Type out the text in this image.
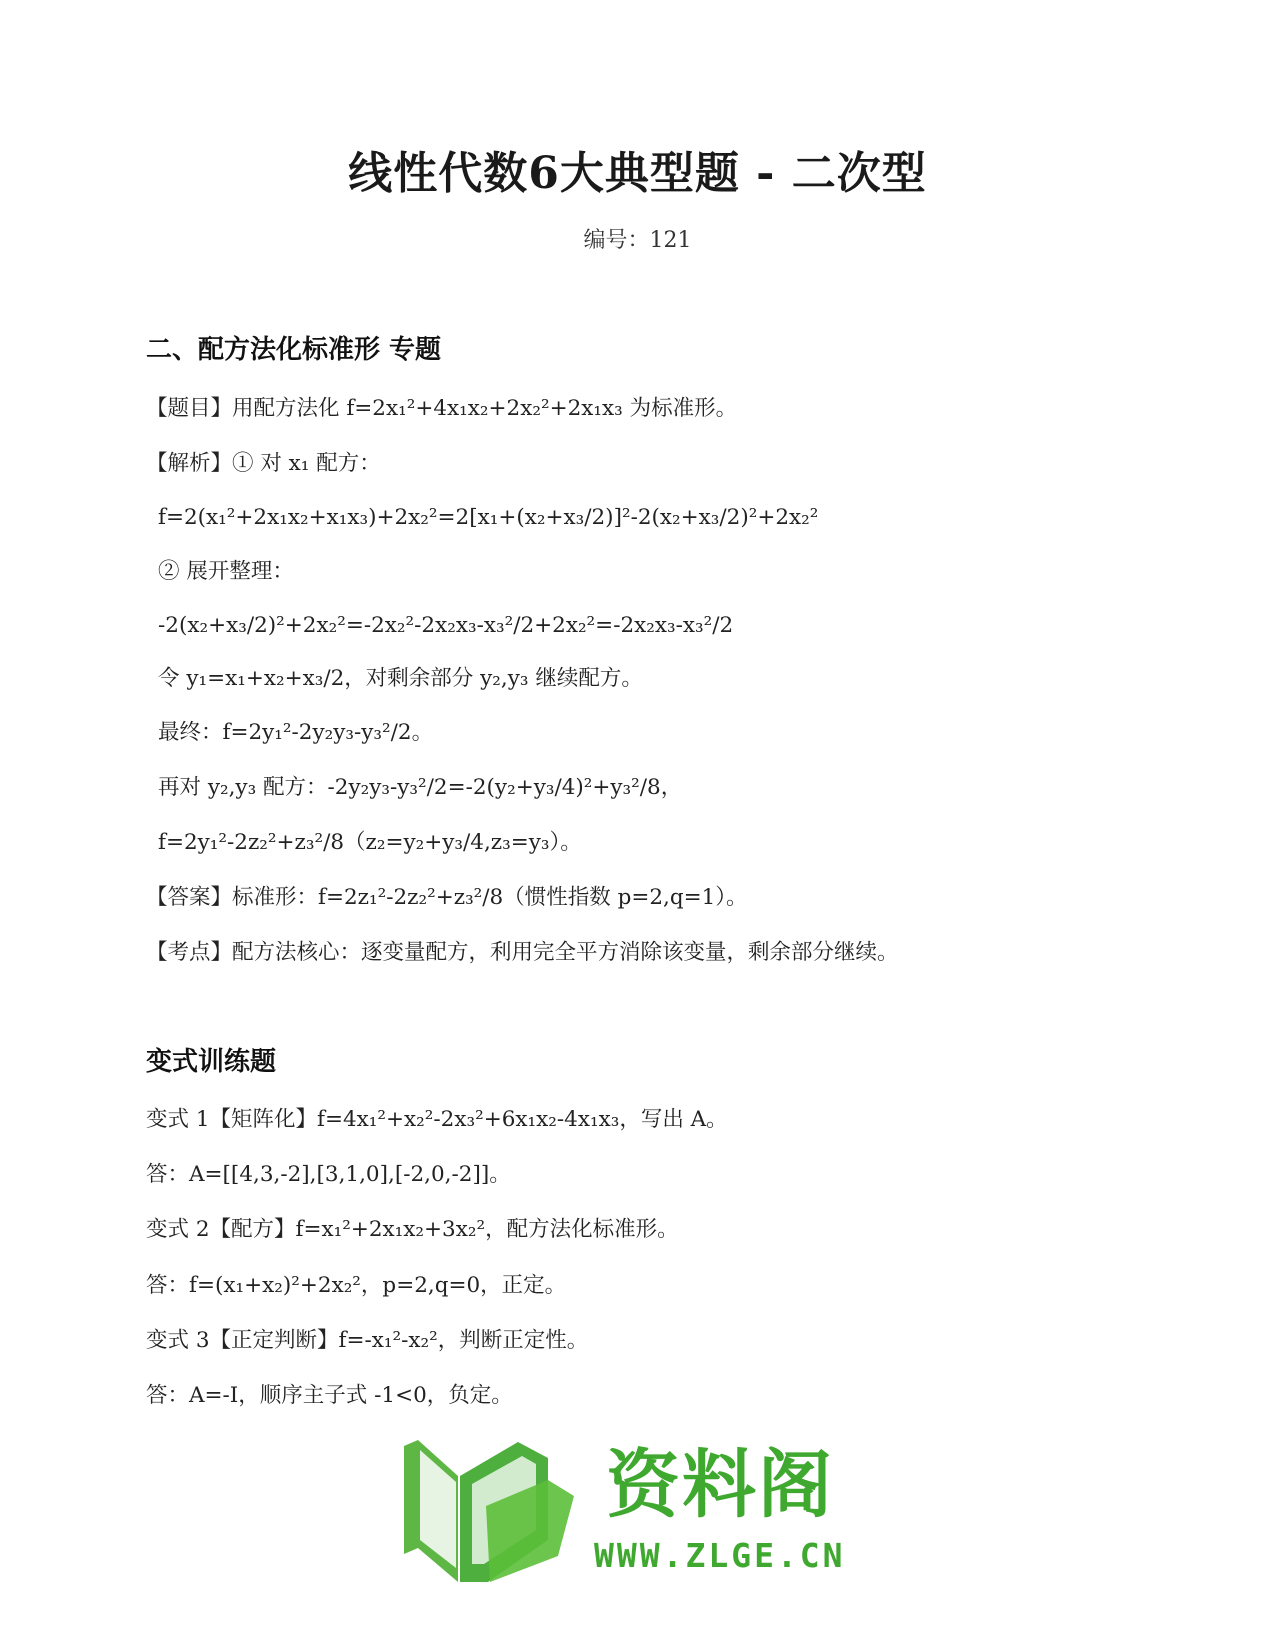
线性代数6大典型题 - 二次型
编号：121
二、配方法化标准形 专题
【题目】用配方法化 f=2x₁²+4x₁x₂+2x₂²+2x₁x₃ 为标准形。
【解析】① 对 x₁ 配方：
f=2(x₁²+2x₁x₂+x₁x₃)+2x₂²=2[x₁+(x₂+x₃/2)]²-2(x₂+x₃/2)²+2x₂²
② 展开整理：
-2(x₂+x₃/2)²+2x₂²=-2x₂²-2x₂x₃-x₃²/2+2x₂²=-2x₂x₃-x₃²/2
令 y₁=x₁+x₂+x₃/2，对剩余部分 y₂,y₃ 继续配方。
最终：f=2y₁²-2y₂y₃-y₃²/2。
再对 y₂,y₃ 配方：-2y₂y₃-y₃²/2=-2(y₂+y₃/4)²+y₃²/8，
f=2y₁²-2z₂²+z₃²/8（z₂=y₂+y₃/4,z₃=y₃）。
【答案】标准形：f=2z₁²-2z₂²+z₃²/8（惯性指数 p=2,q=1）。
【考点】配方法核心：逐变量配方，利用完全平方消除该变量，剩余部分继续。
变式训练题
变式 1【矩阵化】f=4x₁²+x₂²-2x₃²+6x₁x₂-4x₁x₃，写出 A。
答：A=[[4,3,-2],[3,1,0],[-2,0,-2]]。
变式 2【配方】f=x₁²+2x₁x₂+3x₂²，配方法化标准形。
答：f=(x₁+x₂)²+2x₂²，p=2,q=0，正定。
变式 3【正定判断】f=-x₁²-x₂²，判断正定性。
答：A=-I，顺序主子式 -1<0，负定。
资料阁
WWW.ZLGE.CN
